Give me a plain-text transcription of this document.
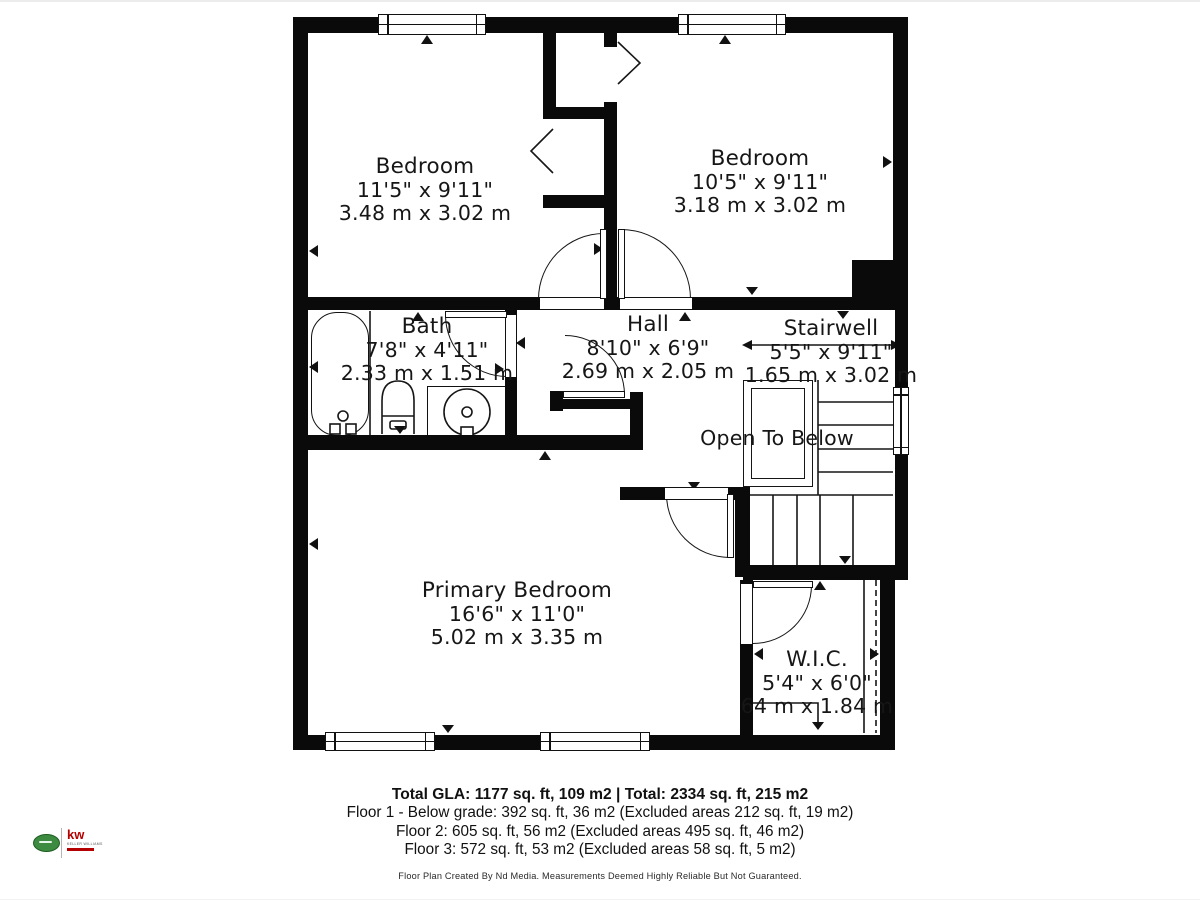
Bedroom
11'5" x 9'11"
3.48 m x 3.02 m
Bedroom
10'5" x 9'11"
3.18 m x 3.02 m
Bath
7'8" x 4'11"
2.33 m x 1.51 m
Hall
8'10" x 6'9"
2.69 m x 2.05 m
Stairwell
5'5" x 9'11"
1.65 m x 3.02 m
Open To Below
Primary Bedroom
16'6" x 11'0"
5.02 m x 3.35 m
W.I.C.
5'4" x 6'0"
64 m x 1.84 m
Total GLA: 1177 sq. ft, 109 m2 | Total: 2334 sq. ft, 215 m2
Floor 1 - Below grade: 392 sq. ft, 36 m2 (Excluded areas 212 sq. ft, 19 m2)
Floor 2: 605 sq. ft, 56 m2 (Excluded areas 495 sq. ft, 46 m2)
Floor 3: 572 sq. ft, 53 m2 (Excluded areas 58 sq. ft, 5 m2)
Floor Plan Created By Nd Media. Measurements Deemed Highly Reliable But Not Guaranteed.
kw
KELLER WILLIAMS
